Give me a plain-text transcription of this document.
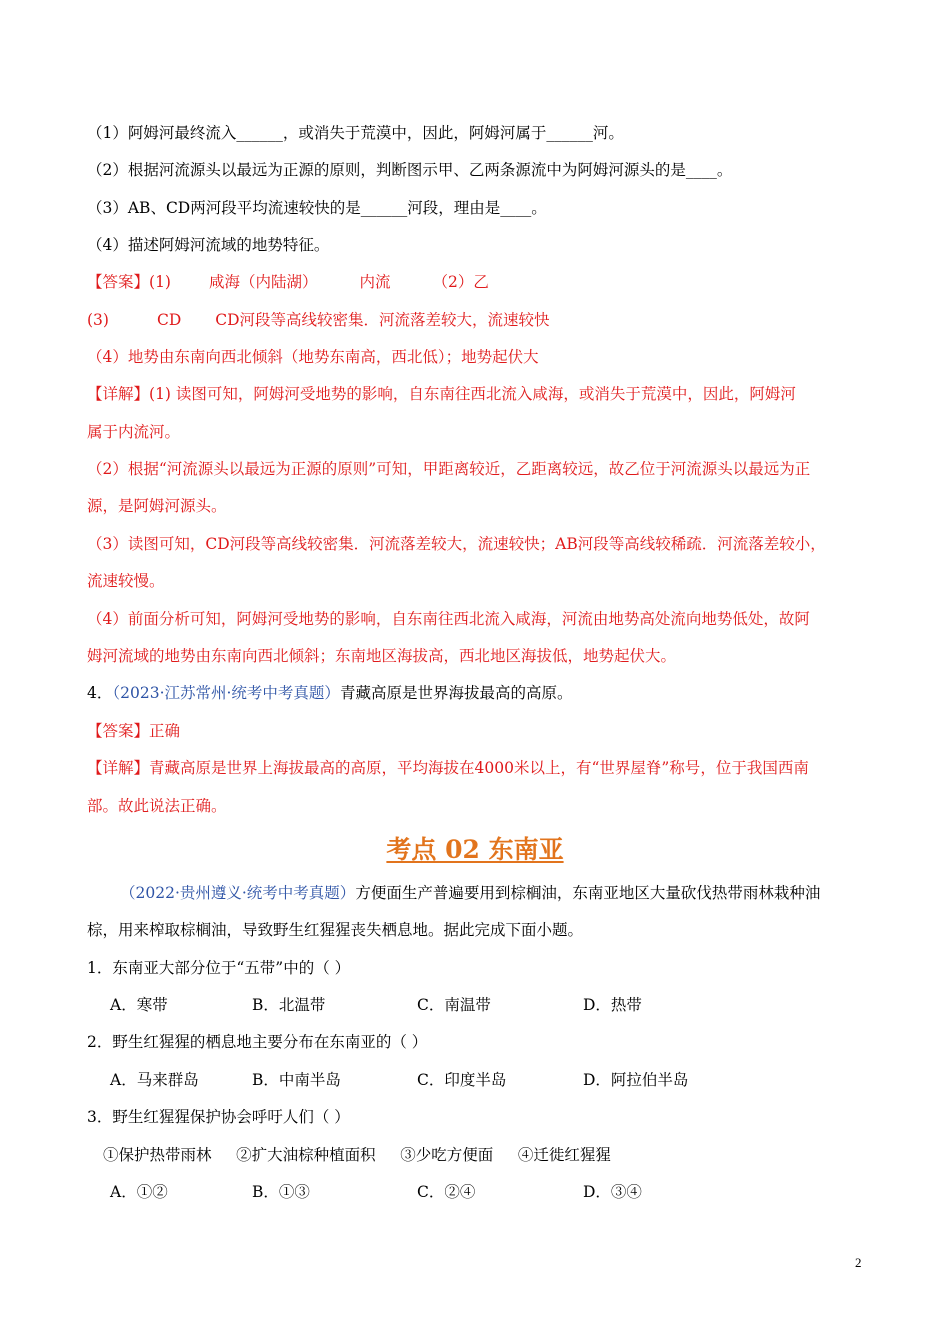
（1）阿姆河最终流入______，或消失于荒漠中，因此，阿姆河属于______河。
（2）根据河流源头以最远为正源的原则，判断图示甲、乙两条源流中为阿姆河源头的是____。
（3）AB、CD两河段平均流速较快的是______河段，理由是____。
（4）描述阿姆河流域的地势特征。
【答案】(1) 咸海（内陆湖）	内流	（2）乙
(3)	CD CD河段等高线较密集．河流落差较大，流速较快
（4）地势由东南向西北倾斜（地势东南高，西北低）；地势起伏大
【详解】(1) 读图可知，阿姆河受地势的影响，自东南往西北流入咸海，或消失于荒漠中，因此，阿姆河
属于内流河。
（2）根据“河流源头以最远为正源的原则”可知，甲距离较近，乙距离较远，故乙位于河流源头以最远为正
源，是阿姆河源头。
（3）读图可知，CD河段等高线较密集．河流落差较大，流速较快；AB河段等高线较稀疏．河流落差较小，
流速较慢。
（4）前面分析可知，阿姆河受地势的影响，自东南往西北流入咸海，河流由地势高处流向地势低处，故阿
姆河流域的地势由东南向西北倾斜；东南地区海拔高，西北地区海拔低，地势起伏大。
4．（2023·江苏常州·统考中考真题）青藏高原是世界海拔最高的高原。
【答案】正确
【详解】青藏高原是世界上海拔最高的高原，平均海拔在4000米以上，有“世界屋脊”称号，位于我国西南
部。故此说法正确。
考点 02 东南亚
（2022·贵州遵义·统考中考真题）方便面生产普遍要用到棕榈油，东南亚地区大量砍伐热带雨林栽种油
棕，用来榨取棕榈油，导致野生红猩猩丧失栖息地。据此完成下面小题。
1．东南亚大部分位于“五带”中的（ ）
A．寒带	B．北温带	C．南温带	D．热带
2．野生红猩猩的栖息地主要分布在东南亚的（ ）
A．马来群岛	B．中南半岛	C．印度半岛	D．阿拉伯半岛
3．野生红猩猩保护协会呼吁人们（ ）
①保护热带雨林     ②扩大油棕种植面积     ③少吃方便面     ④迁徙红猩猩
A．①②	B．①③	C．②④	D．③④
2
